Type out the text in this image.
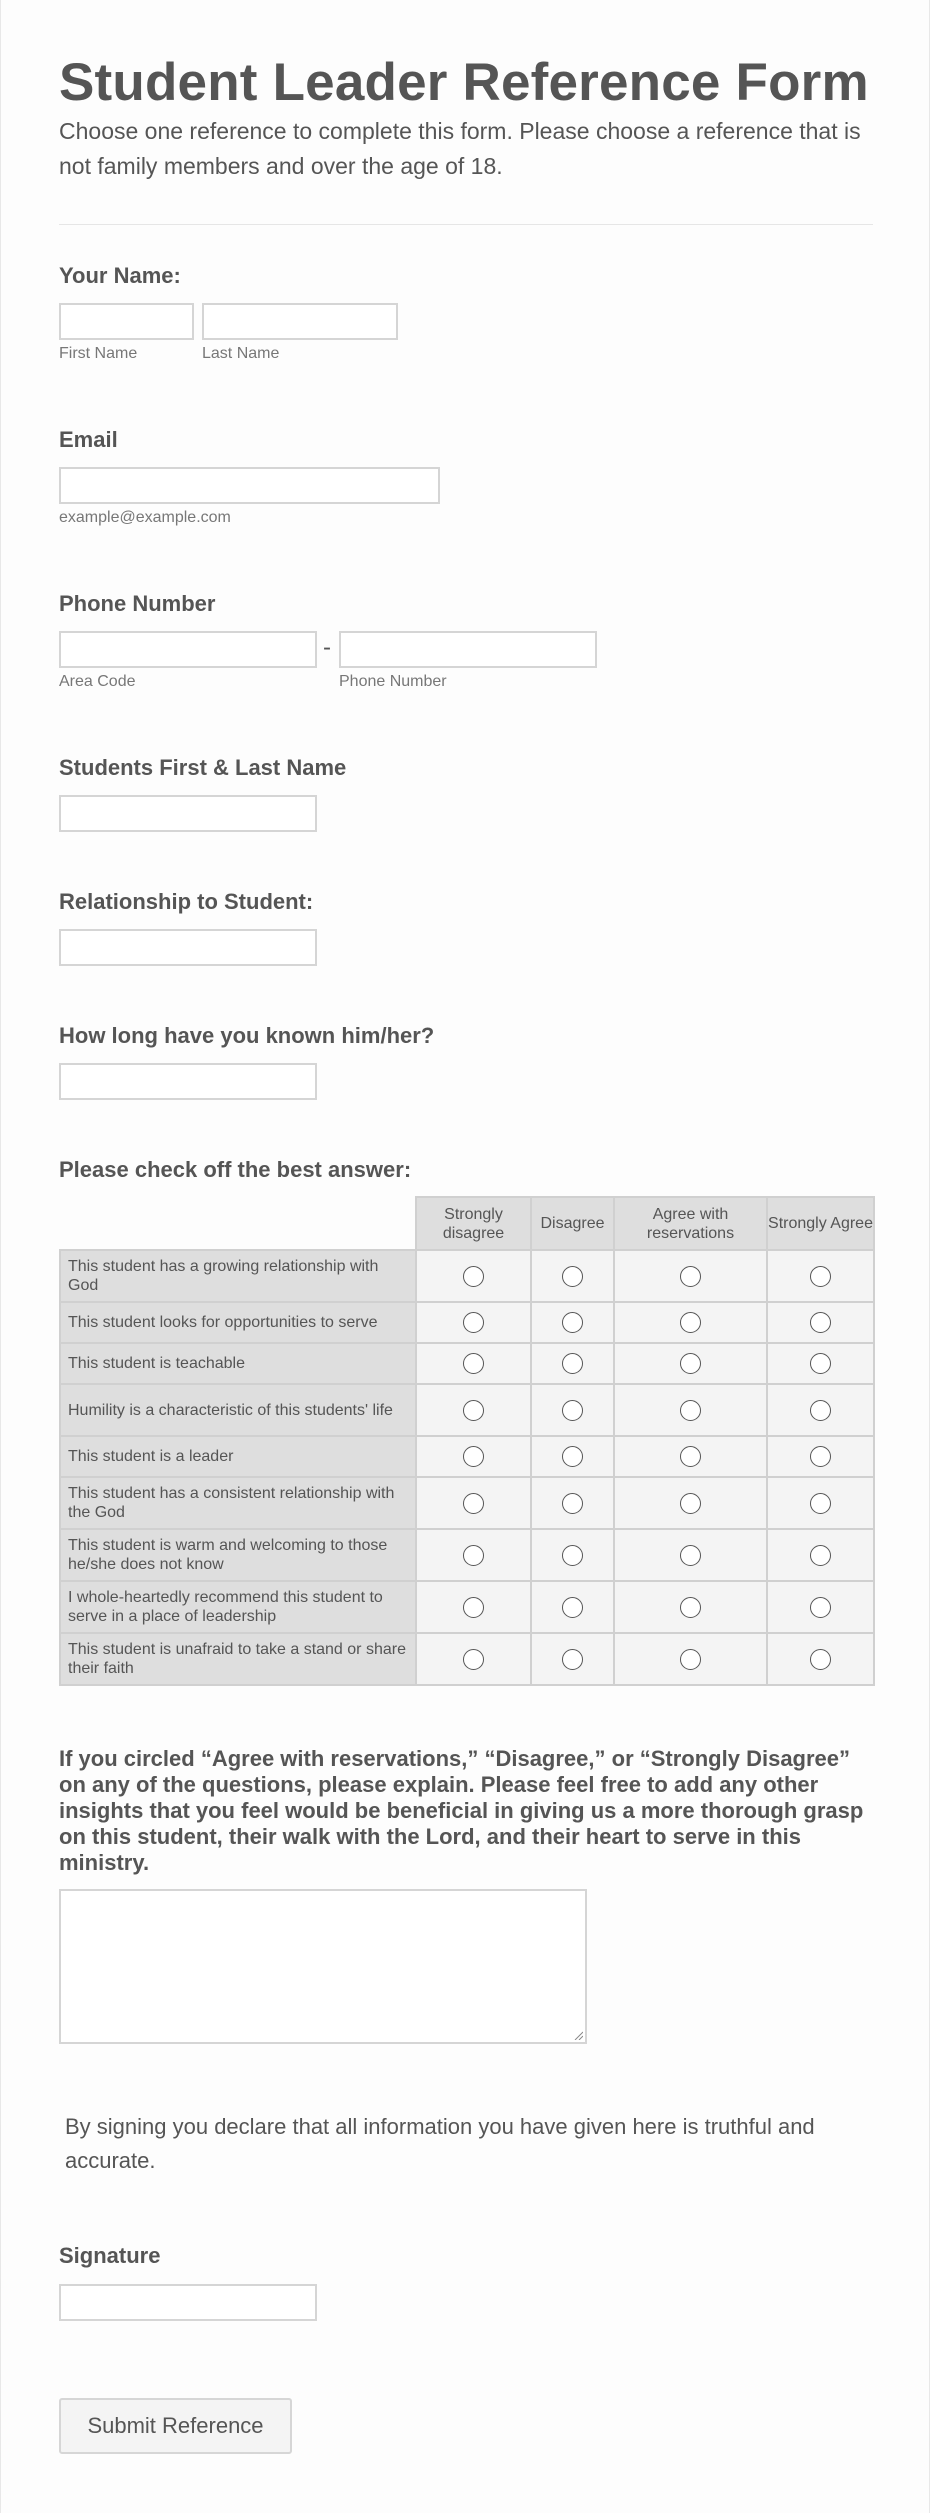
Student Leader Reference Form
Choose one reference to complete this form. Please choose a reference that is not family members and over the age of 18.
Your Name:
First Name	Last Name
Email
example@example.com
Phone Number
-
Area Code	Phone Number
Students First & Last Name
Relationship to Student:
How long have you known him/her?
Please check off the best answer:
	Strongly disagree	Disagree	Agree with reservations	Strongly Agree
This student has a growing relationship with God				
This student looks for opportunities to serve				
This student is teachable				
Humility is a characteristic of this students' life				
This student is a leader				
This student has a consistent relationship with the God				
This student is warm and welcoming to those he/she does not know				
I whole-heartedly recommend this student to serve in a place of leadership				
This student is unafraid to take a stand or share their faith				
If you circled “Agree with reservations,” “Disagree,” or “Strongly Disagree” on any of the questions, please explain. Please feel free to add any other insights that you feel would be beneficial in giving us a more thorough grasp on this student, their walk with the Lord, and their heart to serve in this ministry.
By signing you declare that all information you have given here is truthful and accurate.
Signature
Submit Reference
